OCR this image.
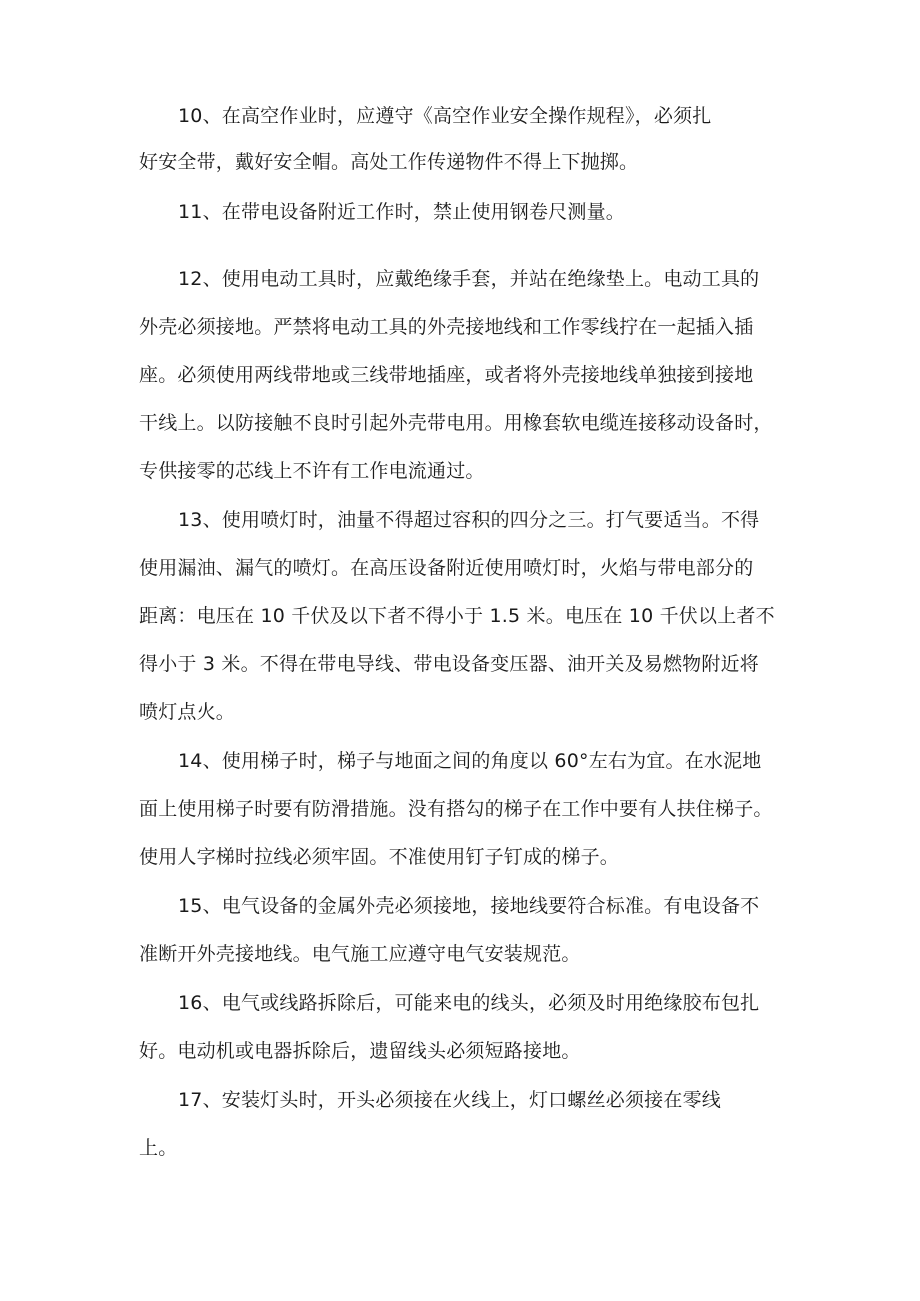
10、在高空作业时，应遵守《高空作业安全操作规程》，必须扎

好安全带，戴好安全帽。高处工作传递物件不得上下抛掷。

11、在带电设备附近工作时，禁止使用钢卷尺测量。

12、使用电动工具时，应戴绝缘手套，并站在绝缘垫上。电动工具的

外壳必须接地。严禁将电动工具的外壳接地线和工作零线拧在一起插入插

座。必须使用两线带地或三线带地插座，或者将外壳接地线单独接到接地

干线上。以防接触不良时引起外壳带电用。用橡套软电缆连接移动设备时，

专供接零的芯线上不许有工作电流通过。

13、使用喷灯时，油量不得超过容积的四分之三。打气要适当。不得

使用漏油、漏气的喷灯。在高压设备附近使用喷灯时，火焰与带电部分的

距离：电压在 10 千伏及以下者不得小于 1.5 米。电压在 10 千伏以上者不

得小于 3 米。不得在带电导线、带电设备变压器、油开关及易燃物附近将

喷灯点火。

14、使用梯子时，梯子与地面之间的角度以 60°左右为宜。在水泥地

面上使用梯子时要有防滑措施。没有搭勾的梯子在工作中要有人扶住梯子。

使用人字梯时拉线必须牢固。不准使用钉子钉成的梯子。

15、电气设备的金属外壳必须接地，接地线要符合标准。有电设备不

准断开外壳接地线。电气施工应遵守电气安装规范。

16、电气或线路拆除后，可能来电的线头，必须及时用绝缘胶布包扎

好。电动机或电器拆除后，遗留线头必须短路接地。

17、安装灯头时，开头必须接在火线上，灯口螺丝必须接在零线

上。
